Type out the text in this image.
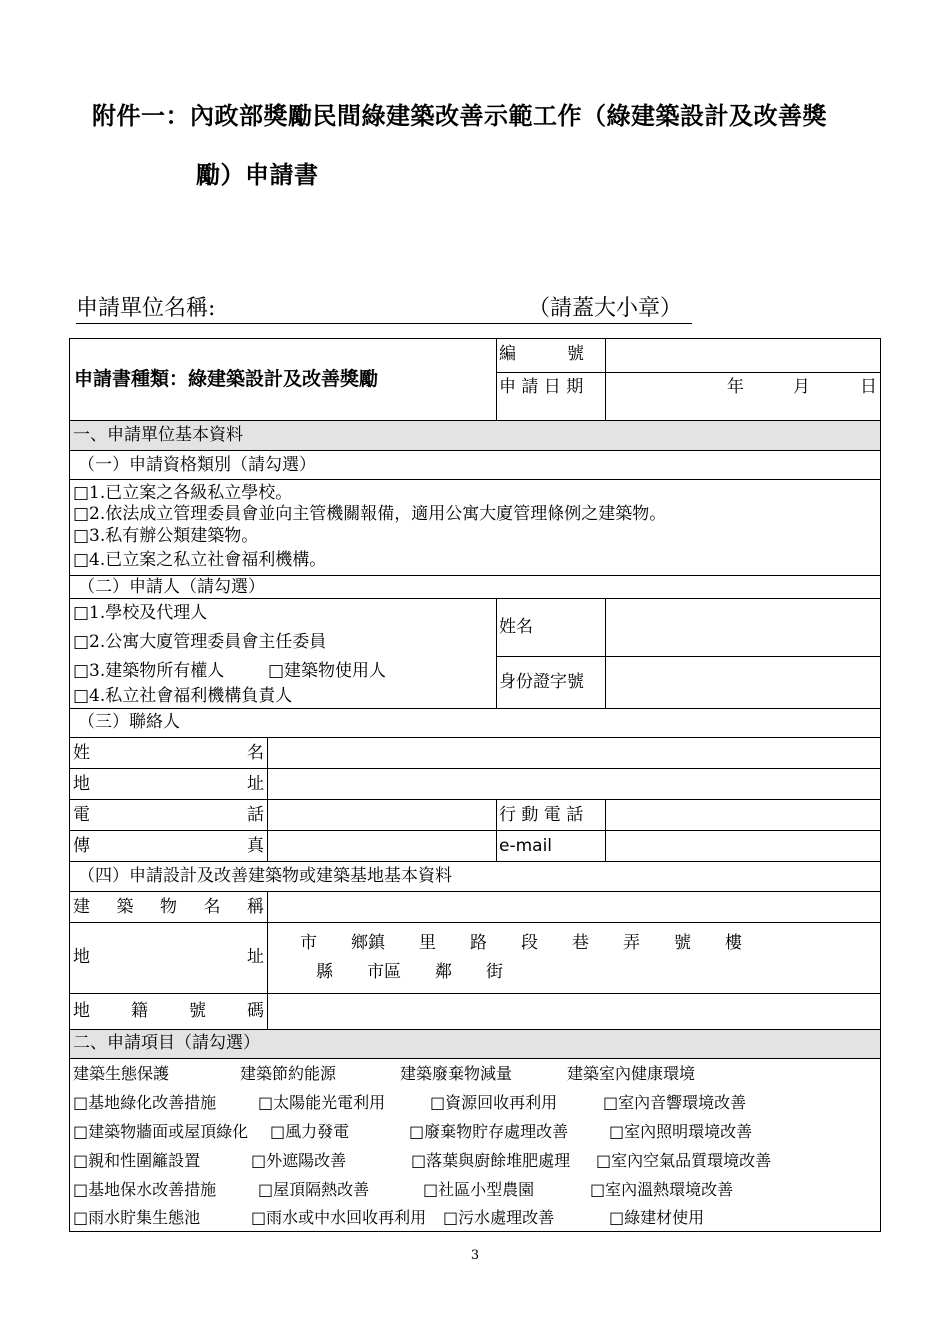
附件一：內政部獎勵民間綠建築改善示範工作（綠建築設計及改善獎
勵）申請書
申請單位名稱:	（請蓋大小章）
申請書種類：綠建築設計及改善獎勵
編　　　號
申 請 日 期	年	月	日
一、申請單位基本資料
（一）申請資格類別（請勾選）
□1.已立案之各級私立學校。
□2.依法成立管理委員會並向主管機關報備，適用公寓大廈管理條例之建築物。
□3.私有辦公類建築物。
□4.已立案之私立社會福利機構。
（二）申請人（請勾選）
□1.學校及代理人
□2.公寓大廈管理委員會主任委員
□3.建築物所有權人	□建築物使用人
□4.私立社會福利機構負責人
姓名
身份證字號
（三）聯絡人
姓	名
地	址
電	話	行 動 電 話
傳	真	e-mail
（四）申請設計及改善建築物或建築基地基本資料
建 築 物 名 稱
地	址
市　　鄉鎮　　里　　路　　段　　巷　　弄　　號　　樓
縣　　市區　　鄰　　街
地 籍 號 碼
二、申請項目（請勾選）
建築生態保護	建築節約能源	建築廢棄物減量	建築室內健康環境
□基地綠化改善措施	□太陽能光電利用	□資源回收再利用	□室內音響環境改善
□建築物牆面或屋頂綠化 □風力發電	□廢棄物貯存處理改善	□室內照明環境改善
□親和性圍籬設置	□外遮陽改善	□落葉與廚餘堆肥處理 □室內空氣品質環境改善
□基地保水改善措施	□屋頂隔熱改善	□社區小型農園	□室內溫熱環境改善
□雨水貯集生態池	□雨水或中水回收再利用 □污水處理改善	□綠建材使用
3
